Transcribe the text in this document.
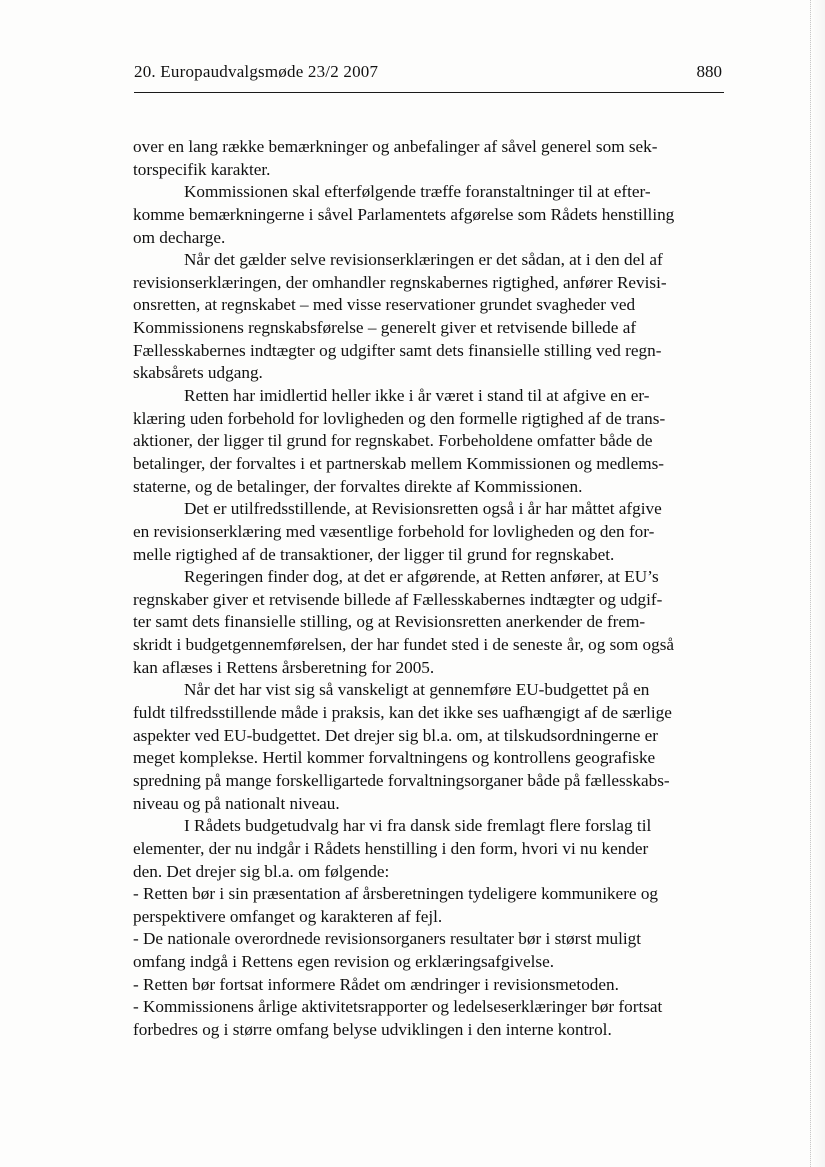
20. Europaudvalgsmøde 23/2 2007	880
over en lang række bemærkninger og anbefalinger af såvel generel som sek-
torspecifik karakter.
Kommissionen skal efterfølgende træffe foranstaltninger til at efter-
komme bemærkningerne i såvel Parlamentets afgørelse som Rådets henstilling
om decharge.
Når det gælder selve revisionserklæringen er det sådan, at i den del af
revisionserklæringen, der omhandler regnskabernes rigtighed, anfører Revisi-
onsretten, at regnskabet – med visse reservationer grundet svagheder ved
Kommissionens regnskabsførelse – generelt giver et retvisende billede af
Fællesskabernes indtægter og udgifter samt dets finansielle stilling ved regn-
skabsårets udgang.
Retten har imidlertid heller ikke i år været i stand til at afgive en er-
klæring uden forbehold for lovligheden og den formelle rigtighed af de trans-
aktioner, der ligger til grund for regnskabet. Forbeholdene omfatter både de
betalinger, der forvaltes i et partnerskab mellem Kommissionen og medlems-
staterne, og de betalinger, der forvaltes direkte af Kommissionen.
Det er utilfredsstillende, at Revisionsretten også i år har måttet afgive
en revisionserklæring med væsentlige forbehold for lovligheden og den for-
melle rigtighed af de transaktioner, der ligger til grund for regnskabet.
Regeringen finder dog, at det er afgørende, at Retten anfører, at EU’s
regnskaber giver et retvisende billede af Fællesskabernes indtægter og udgif-
ter samt dets finansielle stilling, og at Revisionsretten anerkender de frem-
skridt i budgetgennemførelsen, der har fundet sted i de seneste år, og som også
kan aflæses i Rettens årsberetning for 2005.
Når det har vist sig så vanskeligt at gennemføre EU-budgettet på en
fuldt tilfredsstillende måde i praksis, kan det ikke ses uafhængigt af de særlige
aspekter ved EU-budgettet. Det drejer sig bl.a. om, at tilskudsordningerne er
meget komplekse. Hertil kommer forvaltningens og kontrollens geografiske
spredning på mange forskelligartede forvaltningsorganer både på fællesskabs-
niveau og på nationalt niveau.
I Rådets budgetudvalg har vi fra dansk side fremlagt flere forslag til
elementer, der nu indgår i Rådets henstilling i den form, hvori vi nu kender
den. Det drejer sig bl.a. om følgende:
- Retten bør i sin præsentation af årsberetningen tydeligere kommunikere og
perspektivere omfanget og karakteren af fejl.
- De nationale overordnede revisionsorganers resultater bør i størst muligt
omfang indgå i Rettens egen revision og erklæringsafgivelse.
- Retten bør fortsat informere Rådet om ændringer i revisionsmetoden.
- Kommissionens årlige aktivitetsrapporter og ledelseserklæringer bør fortsat
forbedres og i større omfang belyse udviklingen i den interne kontrol.
